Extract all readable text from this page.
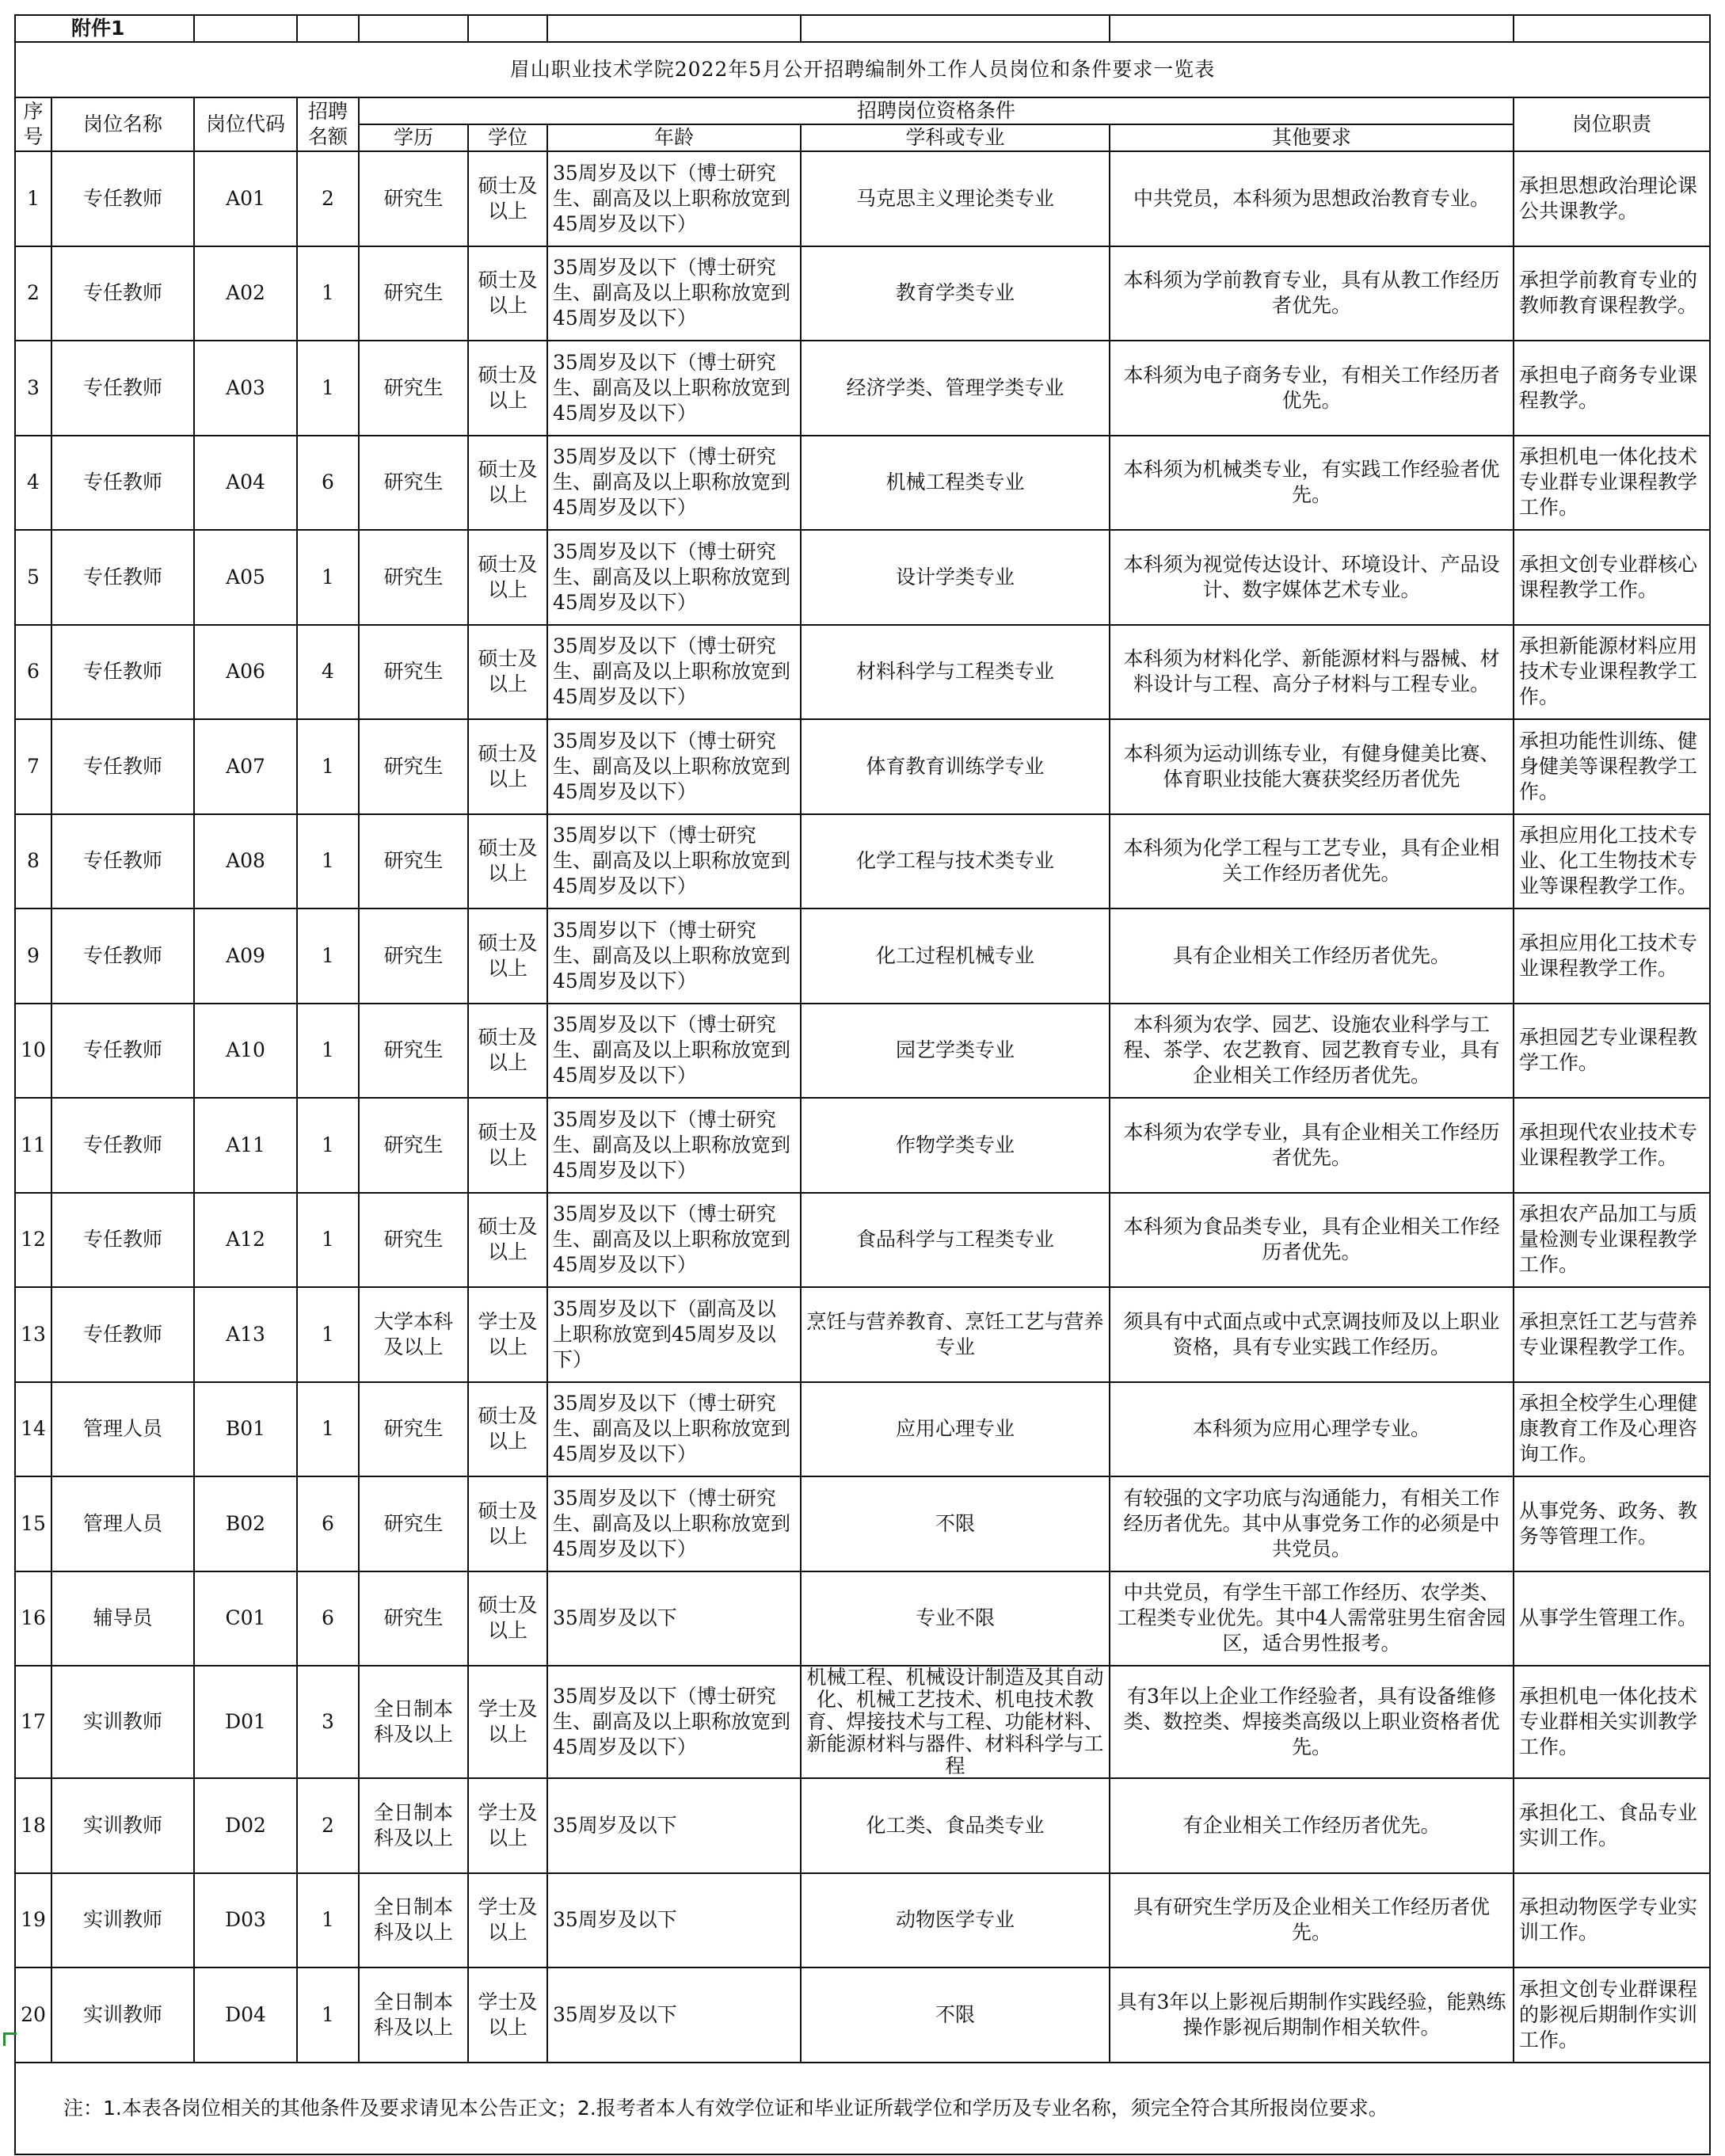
附件1									
眉山职业技术学院2022年5月公开招聘编制外工作人员岗位和条件要求一览表									
序号	岗位名称	岗位代码	招聘名额	招聘岗位资格条件					岗位职责
				学历	学位	年龄	学科或专业	其他要求	
1	专任教师	A01	2	研究生	硕士及以上	35周岁及以下（博士研究生、副高及以上职称放宽到45周岁及以下）	马克思主义理论类专业	中共党员，本科须为思想政治教育专业。	承担思想政治理论课公共课教学。
2	专任教师	A02	1	研究生	硕士及以上	35周岁及以下（博士研究生、副高及以上职称放宽到45周岁及以下）	教育学类专业	本科须为学前教育专业，具有从教工作经历者优先。	承担学前教育专业的教师教育课程教学。
3	专任教师	A03	1	研究生	硕士及以上	35周岁及以下（博士研究生、副高及以上职称放宽到45周岁及以下）	经济学类、管理学类专业	本科须为电子商务专业，有相关工作经历者优先。	承担电子商务专业课程教学。
4	专任教师	A04	6	研究生	硕士及以上	35周岁及以下（博士研究生、副高及以上职称放宽到45周岁及以下）	机械工程类专业	本科须为机械类专业，有实践工作经验者优先。	承担机电一体化技术专业群专业课程教学工作。
5	专任教师	A05	1	研究生	硕士及以上	35周岁及以下（博士研究生、副高及以上职称放宽到45周岁及以下）	设计学类专业	本科须为视觉传达设计、环境设计、产品设计、数字媒体艺术专业。	承担文创专业群核心课程教学工作。
6	专任教师	A06	4	研究生	硕士及以上	35周岁及以下（博士研究生、副高及以上职称放宽到45周岁及以下）	材料科学与工程类专业	本科须为材料化学、新能源材料与器械、材料设计与工程、高分子材料与工程专业。	承担新能源材料应用技术专业课程教学工作。
7	专任教师	A07	1	研究生	硕士及以上	35周岁及以下（博士研究生、副高及以上职称放宽到45周岁及以下）	体育教育训练学专业	本科须为运动训练专业，有健身健美比赛、体育职业技能大赛获奖经历者优先	承担功能性训练、健身健美等课程教学工作。
8	专任教师	A08	1	研究生	硕士及以上	35周岁以下（博士研究生、副高及以上职称放宽到45周岁及以下）	化学工程与技术类专业	本科须为化学工程与工艺专业，具有企业相关工作经历者优先。	承担应用化工技术专业、化工生物技术专业等课程教学工作。
9	专任教师	A09	1	研究生	硕士及以上	35周岁以下（博士研究生、副高及以上职称放宽到45周岁及以下）	化工过程机械专业	具有企业相关工作经历者优先。	承担应用化工技术专业课程教学工作。
10	专任教师	A10	1	研究生	硕士及以上	35周岁及以下（博士研究生、副高及以上职称放宽到45周岁及以下）	园艺学类专业	本科须为农学、园艺、设施农业科学与工程、茶学、农艺教育、园艺教育专业，具有企业相关工作经历者优先。	承担园艺专业课程教学工作。
11	专任教师	A11	1	研究生	硕士及以上	35周岁及以下（博士研究生、副高及以上职称放宽到45周岁及以下）	作物学类专业	本科须为农学专业，具有企业相关工作经历者优先。	承担现代农业技术专业课程教学工作。
12	专任教师	A12	1	研究生	硕士及以上	35周岁及以下（博士研究生、副高及以上职称放宽到45周岁及以下）	食品科学与工程类专业	本科须为食品类专业，具有企业相关工作经历者优先。	承担农产品加工与质量检测专业课程教学工作。
13	专任教师	A13	1	大学本科及以上	学士及以上	35周岁及以下（副高及以上职称放宽到45周岁及以下）	烹饪与营养教育、烹饪工艺与营养专业	须具有中式面点或中式烹调技师及以上职业资格，具有专业实践工作经历。	承担烹饪工艺与营养专业课程教学工作。
14	管理人员	B01	1	研究生	硕士及以上	35周岁及以下（博士研究生、副高及以上职称放宽到45周岁及以下）	应用心理专业	本科须为应用心理学专业。	承担全校学生心理健康教育工作及心理咨询工作。
15	管理人员	B02	6	研究生	硕士及以上	35周岁及以下（博士研究生、副高及以上职称放宽到45周岁及以下）	不限	有较强的文字功底与沟通能力，有相关工作经历者优先。其中从事党务工作的必须是中共党员。	从事党务、政务、教务等管理工作。
16	辅导员	C01	6	研究生	硕士及以上	35周岁及以下	专业不限	中共党员，有学生干部工作经历、农学类、工程类专业优先。其中4人需常驻男生宿舍园区，适合男性报考。	从事学生管理工作。
17	实训教师	D01	3	全日制本科及以上	学士及以上	35周岁及以下（博士研究生、副高及以上职称放宽到45周岁及以下）	机械工程、机械设计制造及其自动化、机械工艺技术、机电技术教育、焊接技术与工程、功能材料、新能源材料与器件、材料科学与工程	有3年以上企业工作经验者，具有设备维修类、数控类、焊接类高级以上职业资格者优先。	承担机电一体化技术专业群相关实训教学工作。
18	实训教师	D02	2	全日制本科及以上	学士及以上	35周岁及以下	化工类、食品类专业	有企业相关工作经历者优先。	承担化工、食品专业实训工作。
19	实训教师	D03	1	全日制本科及以上	学士及以上	35周岁及以下	动物医学专业	具有研究生学历及企业相关工作经历者优先。	承担动物医学专业实训工作。
20	实训教师	D04	1	全日制本科及以上	学士及以上	35周岁及以下	不限	具有3年以上影视后期制作实践经验，能熟练操作影视后期制作相关软件。	承担文创专业群课程的影视后期制作实训工作。
注：1.本表各岗位相关的其他条件及要求请见本公告正文；2.报考者本人有效学位证和毕业证所载学位和学历及专业名称，须完全符合其所报岗位要求。									
